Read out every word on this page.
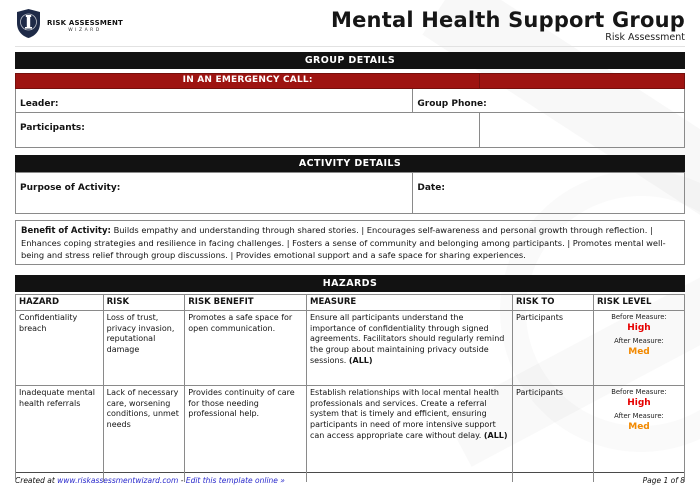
RISK ASSESSMENT
WIZARD	Mental Health Support Group
Risk Assessment
GROUP DETAILS
IN AN EMERGENCY CALL:		
Leader:	Group Phone:	
Participants:		
ACTIVITY DETAILS
Purpose of Activity:	Date:
Benefit of Activity: Builds empathy and understanding through shared stories. | Encourages self-awareness and personal growth through reflection. | Enhances coping strategies and resilience in facing challenges. | Fosters a sense of community and belonging among participants. | Promotes mental well-being and stress relief through group discussions. | Provides emotional support and a safe space for sharing experiences.
HAZARDS
HAZARD	RISK	RISK BENEFIT	MEASURE	RISK TO	RISK LEVEL
Confidentiality breach	Loss of trust, privacy invasion, reputational damage	Promotes a safe space for open communication.	Ensure all participants understand the importance of confidentiality through signed agreements. Facilitators should regularly remind the group about maintaining privacy outside sessions. (ALL)	Participants	Before Measure:
High
After Measure:
Med

Inadequate mental health referrals	Lack of necessary care, worsening conditions, unmet needs	Provides continuity of care for those needing professional help.	Establish relationships with local mental health professionals and services. Create a referral system that is timely and efficient, ensuring participants in need of more intensive support can access appropriate care without delay. (ALL)	Participants	Before Measure:
High
After Measure:
Med
Created at www.riskassessmentwizard.com - Edit this template online »	Page 1 of 8
